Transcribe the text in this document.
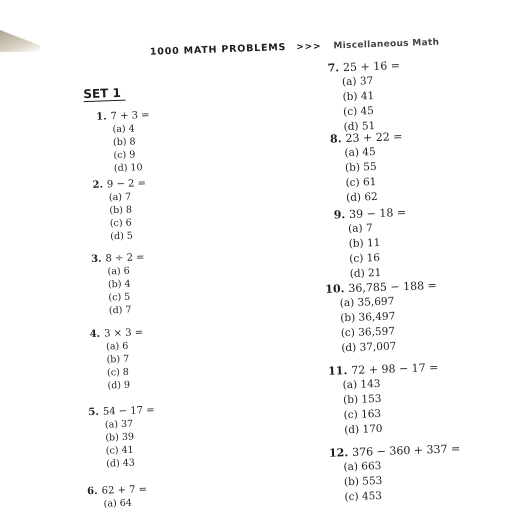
1000 MATH PROBLEMS >>> Miscellaneous Math
SET 1
1. 7 + 3 =
(a) 4
(b) 8
(c) 9
(d) 10
2. 9 − 2 =
(a) 7
(b) 8
(c) 6
(d) 5
3. 8 ÷ 2 =
(a) 6
(b) 4
(c) 5
(d) 7
4. 3 × 3 =
(a) 6
(b) 7
(c) 8
(d) 9
5. 54 − 17 =
(a) 37
(b) 39
(c) 41
(d) 43
6. 62 + 7 =
(a) 64
7. 25 + 16 =
(a) 37
(b) 41
(c) 45
(d) 51
8. 23 + 22 =
(a) 45
(b) 55
(c) 61
(d) 62
9. 39 − 18 =
(a) 7
(b) 11
(c) 16
(d) 21
10. 36,785 − 188 =
(a) 35,697
(b) 36,497
(c) 36,597
(d) 37,007
11. 72 + 98 − 17 =
(a) 143
(b) 153
(c) 163
(d) 170
12. 376 − 360 + 337 =
(a) 663
(b) 553
(c) 453
